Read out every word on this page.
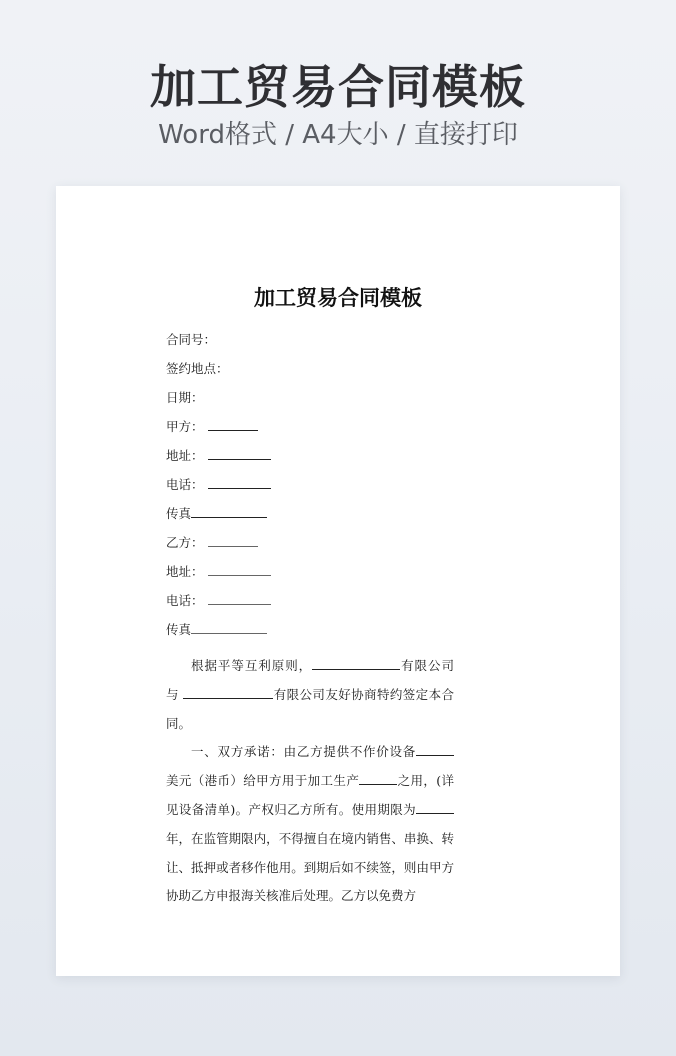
加工贸易合同模板
Word格式 / A4大小 / 直接打印
加工贸易合同模板
合同号：
签约地点：
日期：
甲方：
地址：
电话：
传真
乙方：
地址：
电话：
传真
根据平等互利原则，	有限公司与	有限公司友好协商特约签定本合同。
一、双方承诺：由乙方提供不作价设备美元（港币）给甲方用于加工生产	之用，(详见设备清单)。产权归乙方所有。使用期限为年，在监管期限内，不得擅自在境内销售、串换、转让、抵押或者移作他用。到期后如不续签，则由甲方协助乙方申报海关核准后处理。乙方以免费方
